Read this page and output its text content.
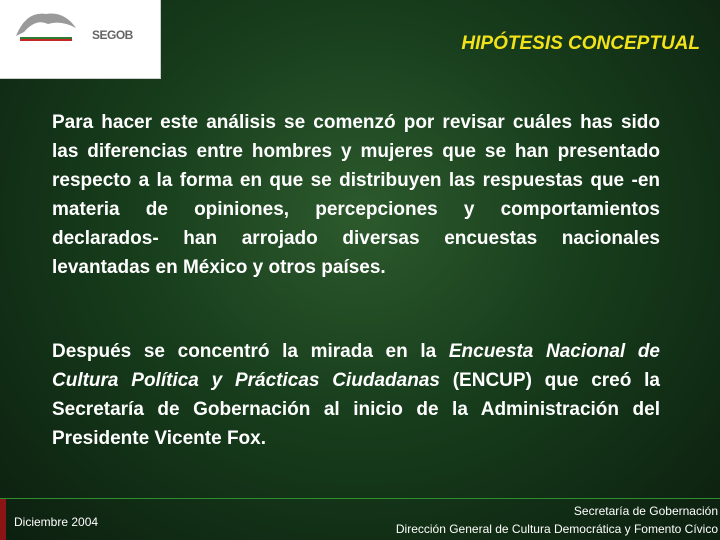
SEGOB	HIPÓTESIS CONCEPTUAL
Para hacer este análisis se comenzó por revisar cuáles has sido las diferencias entre hombres y mujeres que se han presentado respecto a la forma en que se distribuyen las respuestas que -en materia de opiniones, percepciones y comportamientos declarados- han arrojado diversas encuestas nacionales levantadas en México y otros países.
Después se concentró la mirada en la Encuesta Nacional de Cultura Política y Prácticas Ciudadanas (ENCUP) que creó la Secretaría de Gobernación al inicio de la Administración del Presidente Vicente Fox.
Diciembre 2004
Secretaría de Gobernación
Dirección General de Cultura Democrática y Fomento Cívico
